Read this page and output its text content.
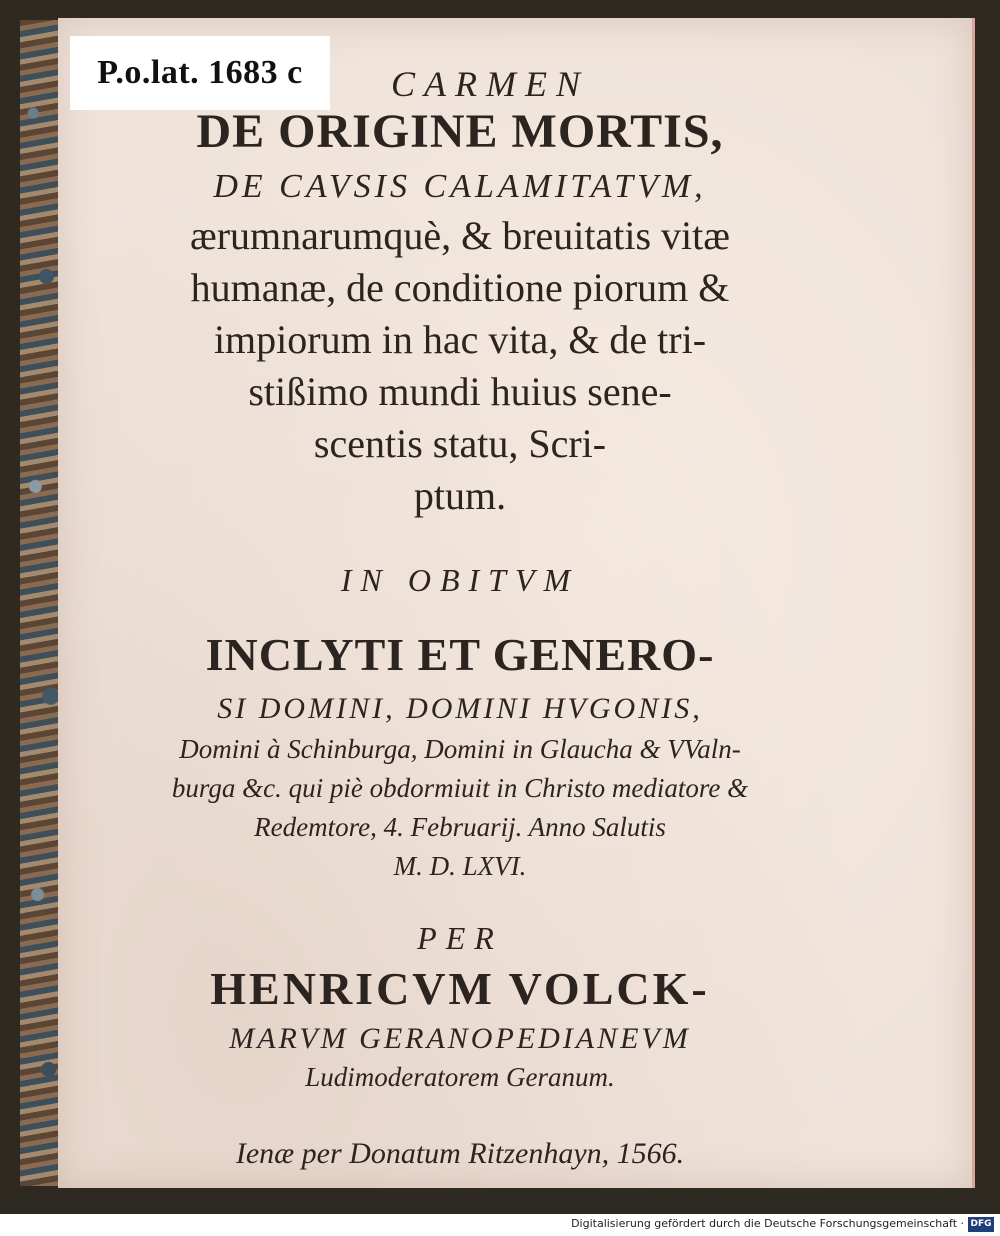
P.o.lat. 1683 c	CARMEN
DE ORIGINE MORTIS,
DE CAVSIS CALAMITATVM,
ærumnarumquè, & breuitatis vitæ
humanæ, de conditione piorum &
impiorum in hac vita, & de tri-
stißimo mundi huius sene-
scentis statu, Scri-
ptum.
IN OBITVM
INCLYTI ET GENERO-
SI DOMINI, DOMINI HVGONIS,
Domini à Schinburga, Domini in Glaucha & VValn-
burga &c. qui piè obdormiuit in Christo mediatore &
Redemtore, 4. Februarij. Anno Salutis
M. D. LXVI.
PER
HENRICVM VOLCK-
MARVM GERANOPEDIANEVM
Ludimoderatorem Geranum.
Ienæ per Donatum Ritzenhayn, 1566.
Digitalisierung gefördert durch die Deutsche Forschungsgemeinschaft · DFG
